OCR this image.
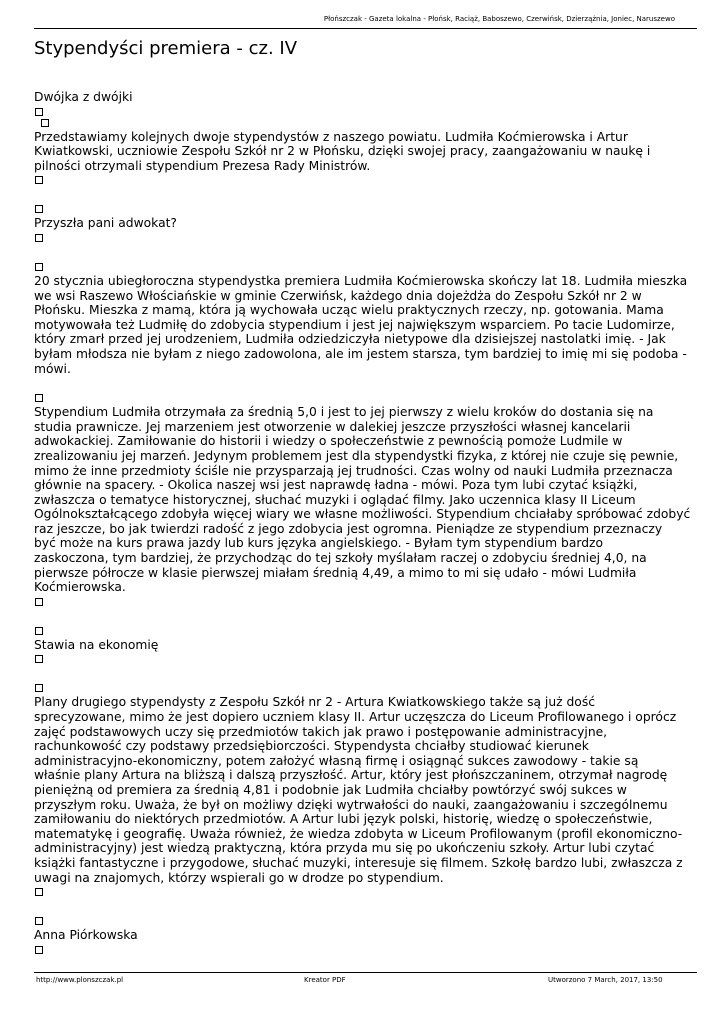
Płońszczak - Gazeta lokalna - Płońsk, Raciąż, Baboszewo, Czerwińsk, Dzierzążnia, Joniec, Naruszewo
Stypendyści premiera - cz. IV
Dwójka z dwójki
Przedstawiamy kolejnych dwoje stypendystów z naszego powiatu. Ludmiła Koćmierowska i Artur
Kwiatkowski, uczniowie Zespołu Szkół nr 2 w Płońsku, dzięki swojej pracy, zaangażowaniu w naukę i
pilności otrzymali stypendium Prezesa Rady Ministrów.
Przyszła pani adwokat?
20 stycznia ubiegłoroczna stypendystka premiera Ludmiła Koćmierowska skończy lat 18. Ludmiła mieszka
we wsi Raszewo Włościańskie w gminie Czerwińsk, każdego dnia dojeżdża do Zespołu Szkół nr 2 w
Płońsku. Mieszka z mamą, która ją wychowała ucząc wielu praktycznych rzeczy, np. gotowania. Mama
motywowała też Ludmiłę do zdobycia stypendium i jest jej największym wsparciem. Po tacie Ludomirze,
który zmarł przed jej urodzeniem, Ludmiła odziedziczyła nietypowe dla dzisiejszej nastolatki imię. - Jak
byłam młodsza nie byłam z niego zadowolona, ale im jestem starsza, tym bardziej to imię mi się podoba -
mówi.
Stypendium Ludmiła otrzymała za średnią 5,0 i jest to jej pierwszy z wielu kroków do dostania się na
studia prawnicze. Jej marzeniem jest otworzenie w dalekiej jeszcze przyszłości własnej kancelarii
adwokackiej. Zamiłowanie do historii i wiedzy o społeczeństwie z pewnością pomoże Ludmile w
zrealizowaniu jej marzeń. Jedynym problemem jest dla stypendystki fizyka, z której nie czuje się pewnie,
mimo że inne przedmioty ściśle nie przysparzają jej trudności. Czas wolny od nauki Ludmiła przeznacza
głównie na spacery. - Okolica naszej wsi jest naprawdę ładna - mówi. Poza tym lubi czytać książki,
zwłaszcza o tematyce historycznej, słuchać muzyki i oglądać filmy. Jako uczennica klasy II Liceum
Ogólnokształcącego zdobyła więcej wiary we własne możliwości. Stypendium chciałaby spróbować zdobyć
raz jeszcze, bo jak twierdzi radość z jego zdobycia jest ogromna. Pieniądze ze stypendium przeznaczy
być może na kurs prawa jazdy lub kurs języka angielskiego. - Byłam tym stypendium bardzo
zaskoczona, tym bardziej, że przychodząc do tej szkoły myślałam raczej o zdobyciu średniej 4,0, na
pierwsze półrocze w klasie pierwszej miałam średnią 4,49, a mimo to mi się udało - mówi Ludmiła
Koćmierowska.
Stawia na ekonomię
Plany drugiego stypendysty z Zespołu Szkół nr 2 - Artura Kwiatkowskiego także są już dość
sprecyzowane, mimo że jest dopiero uczniem klasy II. Artur uczęszcza do Liceum Profilowanego i oprócz
zajęć podstawowych uczy się przedmiotów takich jak prawo i postępowanie administracyjne,
rachunkowość czy podstawy przedsiębiorczości. Stypendysta chciałby studiować kierunek
administracyjno-ekonomiczny, potem założyć własną firmę i osiągnąć sukces zawodowy - takie są
właśnie plany Artura na bliższą i dalszą przyszłość. Artur, który jest płońszczaninem, otrzymał nagrodę
pieniężną od premiera za średnią 4,81 i podobnie jak Ludmiła chciałby powtórzyć swój sukces w
przyszłym roku. Uważa, że był on możliwy dzięki wytrwałości do nauki, zaangażowaniu i szczególnemu
zamiłowaniu do niektórych przedmiotów. A Artur lubi język polski, historię, wiedzę o społeczeństwie,
matematykę i geografię. Uważa również, że wiedza zdobyta w Liceum Profilowanym (profil ekonomiczno-
administracyjny) jest wiedzą praktyczną, która przyda mu się po ukończeniu szkoły. Artur lubi czytać
książki fantastyczne i przygodowe, słuchać muzyki, interesuje się filmem. Szkołę bardzo lubi, zwłaszcza z
uwagi na znajomych, którzy wspierali go w drodze po stypendium.
Anna Piórkowska
http://www.plonszczak.pl	Kreator PDF	Utworzono 7 March, 2017, 13:50
